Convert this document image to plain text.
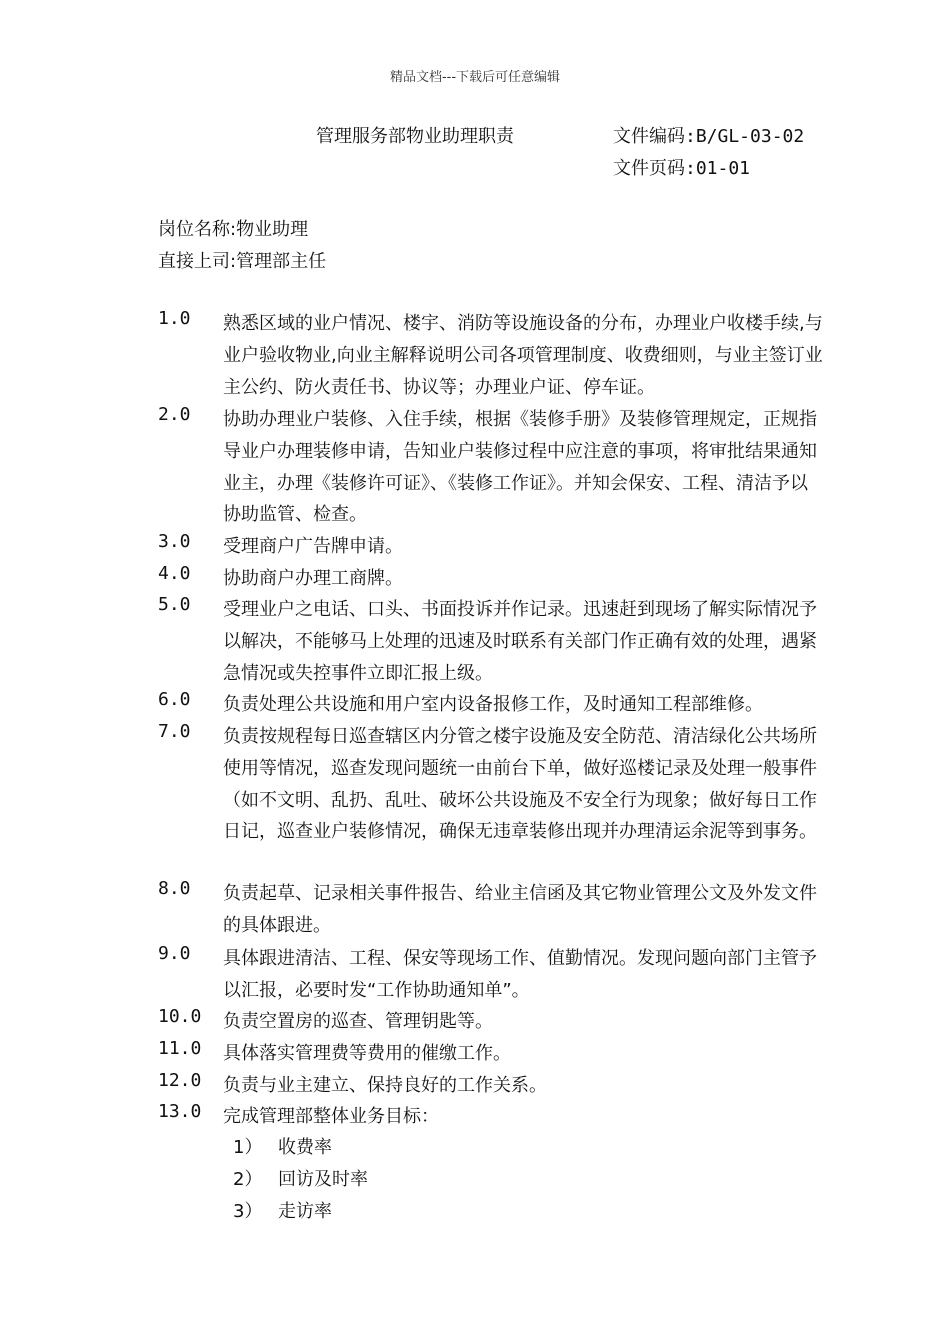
精品文档---下载后可任意编辑
管理服务部物业助理职责	文件编码:B/GL-03-02
文件页码:01-01
岗位名称:物业助理
直接上司:管理部主任
1.0 熟悉区域的业户情况、楼宇、消防等设施设备的分布，办理业户收楼手续,与业户验收物业,向业主解释说明公司各项管理制度、收费细则，与业主签订业主公约、防火责任书、协议等；办理业户证、停车证。
2.0 协助办理业户装修、入住手续，根据《装修手册》及装修管理规定，正规指导业户办理装修申请，告知业户装修过程中应注意的事项，将审批结果通知业主，办理《装修许可证》、《装修工作证》。并知会保安、工程、清洁予以协助监管、检查。
3.0 受理商户广告牌申请。
4.0 协助商户办理工商牌。
5.0 受理业户之电话、口头、书面投诉并作记录。迅速赶到现场了解实际情况予以解决，不能够马上处理的迅速及时联系有关部门作正确有效的处理，遇紧急情况或失控事件立即汇报上级。
6.0 负责处理公共设施和用户室内设备报修工作，及时通知工程部维修。
7.0 负责按规程每日巡查辖区内分管之楼宇设施及安全防范、清洁绿化公共场所使用等情况，巡查发现问题统一由前台下单，做好巡楼记录及处理一般事件（如不文明、乱扔、乱吐、破坏公共设施及不安全行为现象；做好每日工作日记，巡查业户装修情况，确保无违章装修出现并办理清运余泥等到事务。
8.0 负责起草、记录相关事件报告、给业主信函及其它物业管理公文及外发文件的具体跟进。
9.0 具体跟进清洁、工程、保安等现场工作、值勤情况。发现问题向部门主管予以汇报，必要时发“工作协助通知单”。
10.0 负责空置房的巡查、管理钥匙等。
11.0 具体落实管理费等费用的催缴工作。
12.0 负责与业主建立、保持良好的工作关系。
13.0 完成管理部整体业务目标：
1） 收费率
2） 回访及时率
3） 走访率
